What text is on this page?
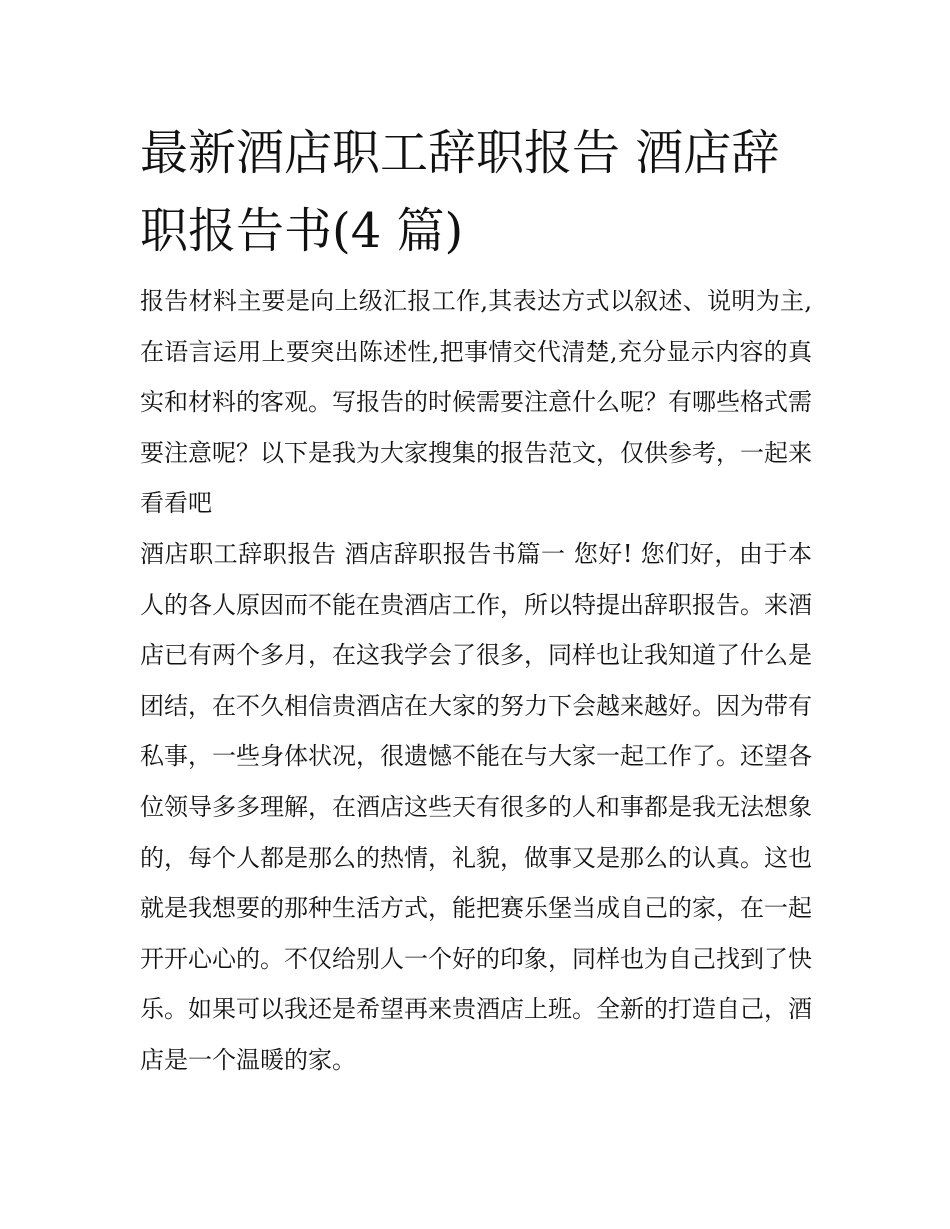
最新酒店职工辞职报告 酒店辞职报告书(4 篇)

报告材料主要是向上级汇报工作,其表达方式以叙述、说明为主,在语言运用上要突出陈述性,把事情交代清楚,充分显示内容的真实和材料的客观。写报告的时候需要注意什么呢？有哪些格式需要注意呢？以下是我为大家搜集的报告范文，仅供参考，一起来看看吧

酒店职工辞职报告 酒店辞职报告书篇一 您好! 您们好，由于本人的各人原因而不能在贵酒店工作，所以特提出辞职报告。来酒店已有两个多月，在这我学会了很多，同样也让我知道了什么是团结，在不久相信贵酒店在大家的努力下会越来越好。因为带有私事，一些身体状况，很遗憾不能在与大家一起工作了。还望各位领导多多理解，在酒店这些天有很多的人和事都是我无法想象的，每个人都是那么的热情，礼貌，做事又是那么的认真。这也就是我想要的那种生活方式，能把赛乐堡当成自己的家，在一起开开心心的。不仅给别人一个好的印象，同样也为自己找到了快乐。如果可以我还是希望再来贵酒店上班。全新的打造自己，酒店是一个温暖的家。
